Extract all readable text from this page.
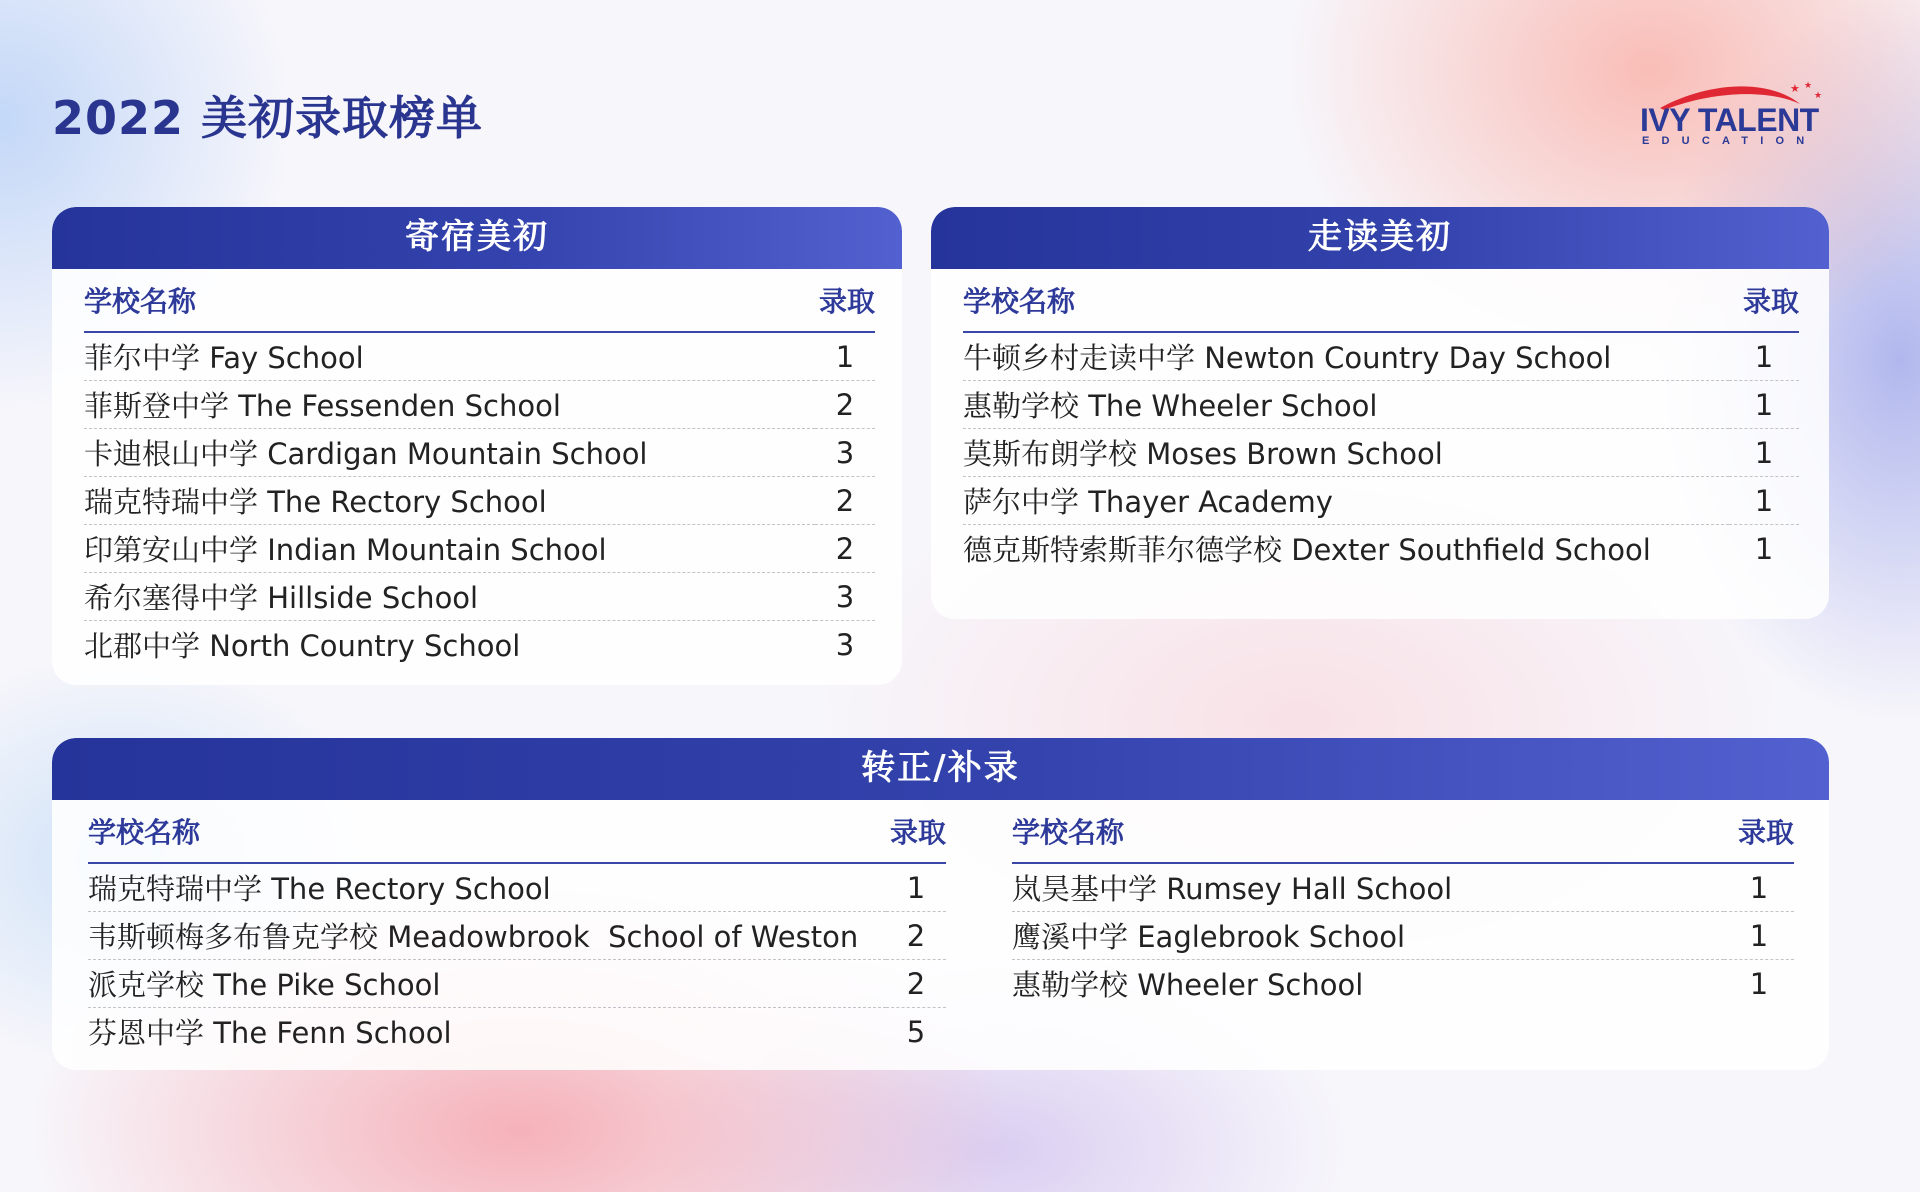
2022 美初录取榜单
★ ★
★
IVY TALENT
EDUCATION
寄宿美初
学校名称	录取
菲尔中学 Fay School	1
菲斯登中学 The Fessenden School	2
卡迪根山中学 Cardigan Mountain School	3
瑞克特瑞中学 The Rectory School	2
印第安山中学 Indian Mountain School	2
希尔塞得中学 Hillside School	3
北郡中学 North Country School	3
走读美初
学校名称	录取
牛顿乡村走读中学 Newton Country Day School	1
惠勒学校 The Wheeler School	1
莫斯布朗学校 Moses Brown School	1
萨尔中学 Thayer Academy	1
德克斯特索斯菲尔德学校 Dexter Southfield School	1
转正/补录
学校名称	录取
瑞克特瑞中学 The Rectory School	1
韦斯顿梅多布鲁克学校 Meadowbrook  School of Weston	2
派克学校 The Pike School	2
芬恩中学 The Fenn School	5
学校名称	录取
岚昊基中学 Rumsey Hall School	1
鹰溪中学 Eaglebrook School	1
惠勒学校 Wheeler School	1
